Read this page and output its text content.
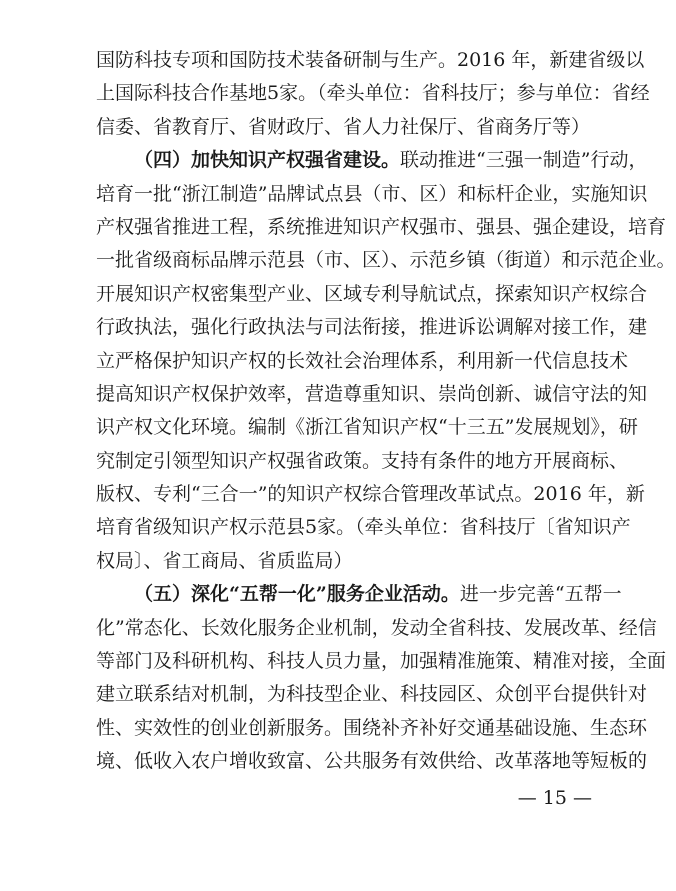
国防科技专项和国防技术装备研制与生产。2016 年，新建省级以
上国际科技合作基地5家。（牵头单位：省科技厅；参与单位：省经
信委、省教育厅、省财政厅、省人力社保厅、省商务厅等）
（四）加快知识产权强省建设。联动推进“三强一制造”行动，
培育一批“浙江制造”品牌试点县（市、区）和标杆企业，实施知识
产权强省推进工程，系统推进知识产权强市、强县、强企建设，培育
一批省级商标品牌示范县（市、区）、示范乡镇（街道）和示范企业。
开展知识产权密集型产业、区域专利导航试点，探索知识产权综合
行政执法，强化行政执法与司法衔接，推进诉讼调解对接工作，建
立严格保护知识产权的长效社会治理体系，利用新一代信息技术
提高知识产权保护效率，营造尊重知识、崇尚创新、诚信守法的知
识产权文化环境。编制《浙江省知识产权“十三五”发展规划》，研
究制定引领型知识产权强省政策。支持有条件的地方开展商标、
版权、专利“三合一”的知识产权综合管理改革试点。2016 年，新
培育省级知识产权示范县5家。（牵头单位：省科技厅〔省知识产
权局〕、省工商局、省质监局）
（五）深化“五帮一化”服务企业活动。进一步完善“五帮一
化”常态化、长效化服务企业机制，发动全省科技、发展改革、经信
等部门及科研机构、科技人员力量，加强精准施策、精准对接，全面
建立联系结对机制，为科技型企业、科技园区、众创平台提供针对
性、实效性的创业创新服务。围绕补齐补好交通基础设施、生态环
境、低收入农户增收致富、公共服务有效供给、改革落地等短板的
— 15 —
